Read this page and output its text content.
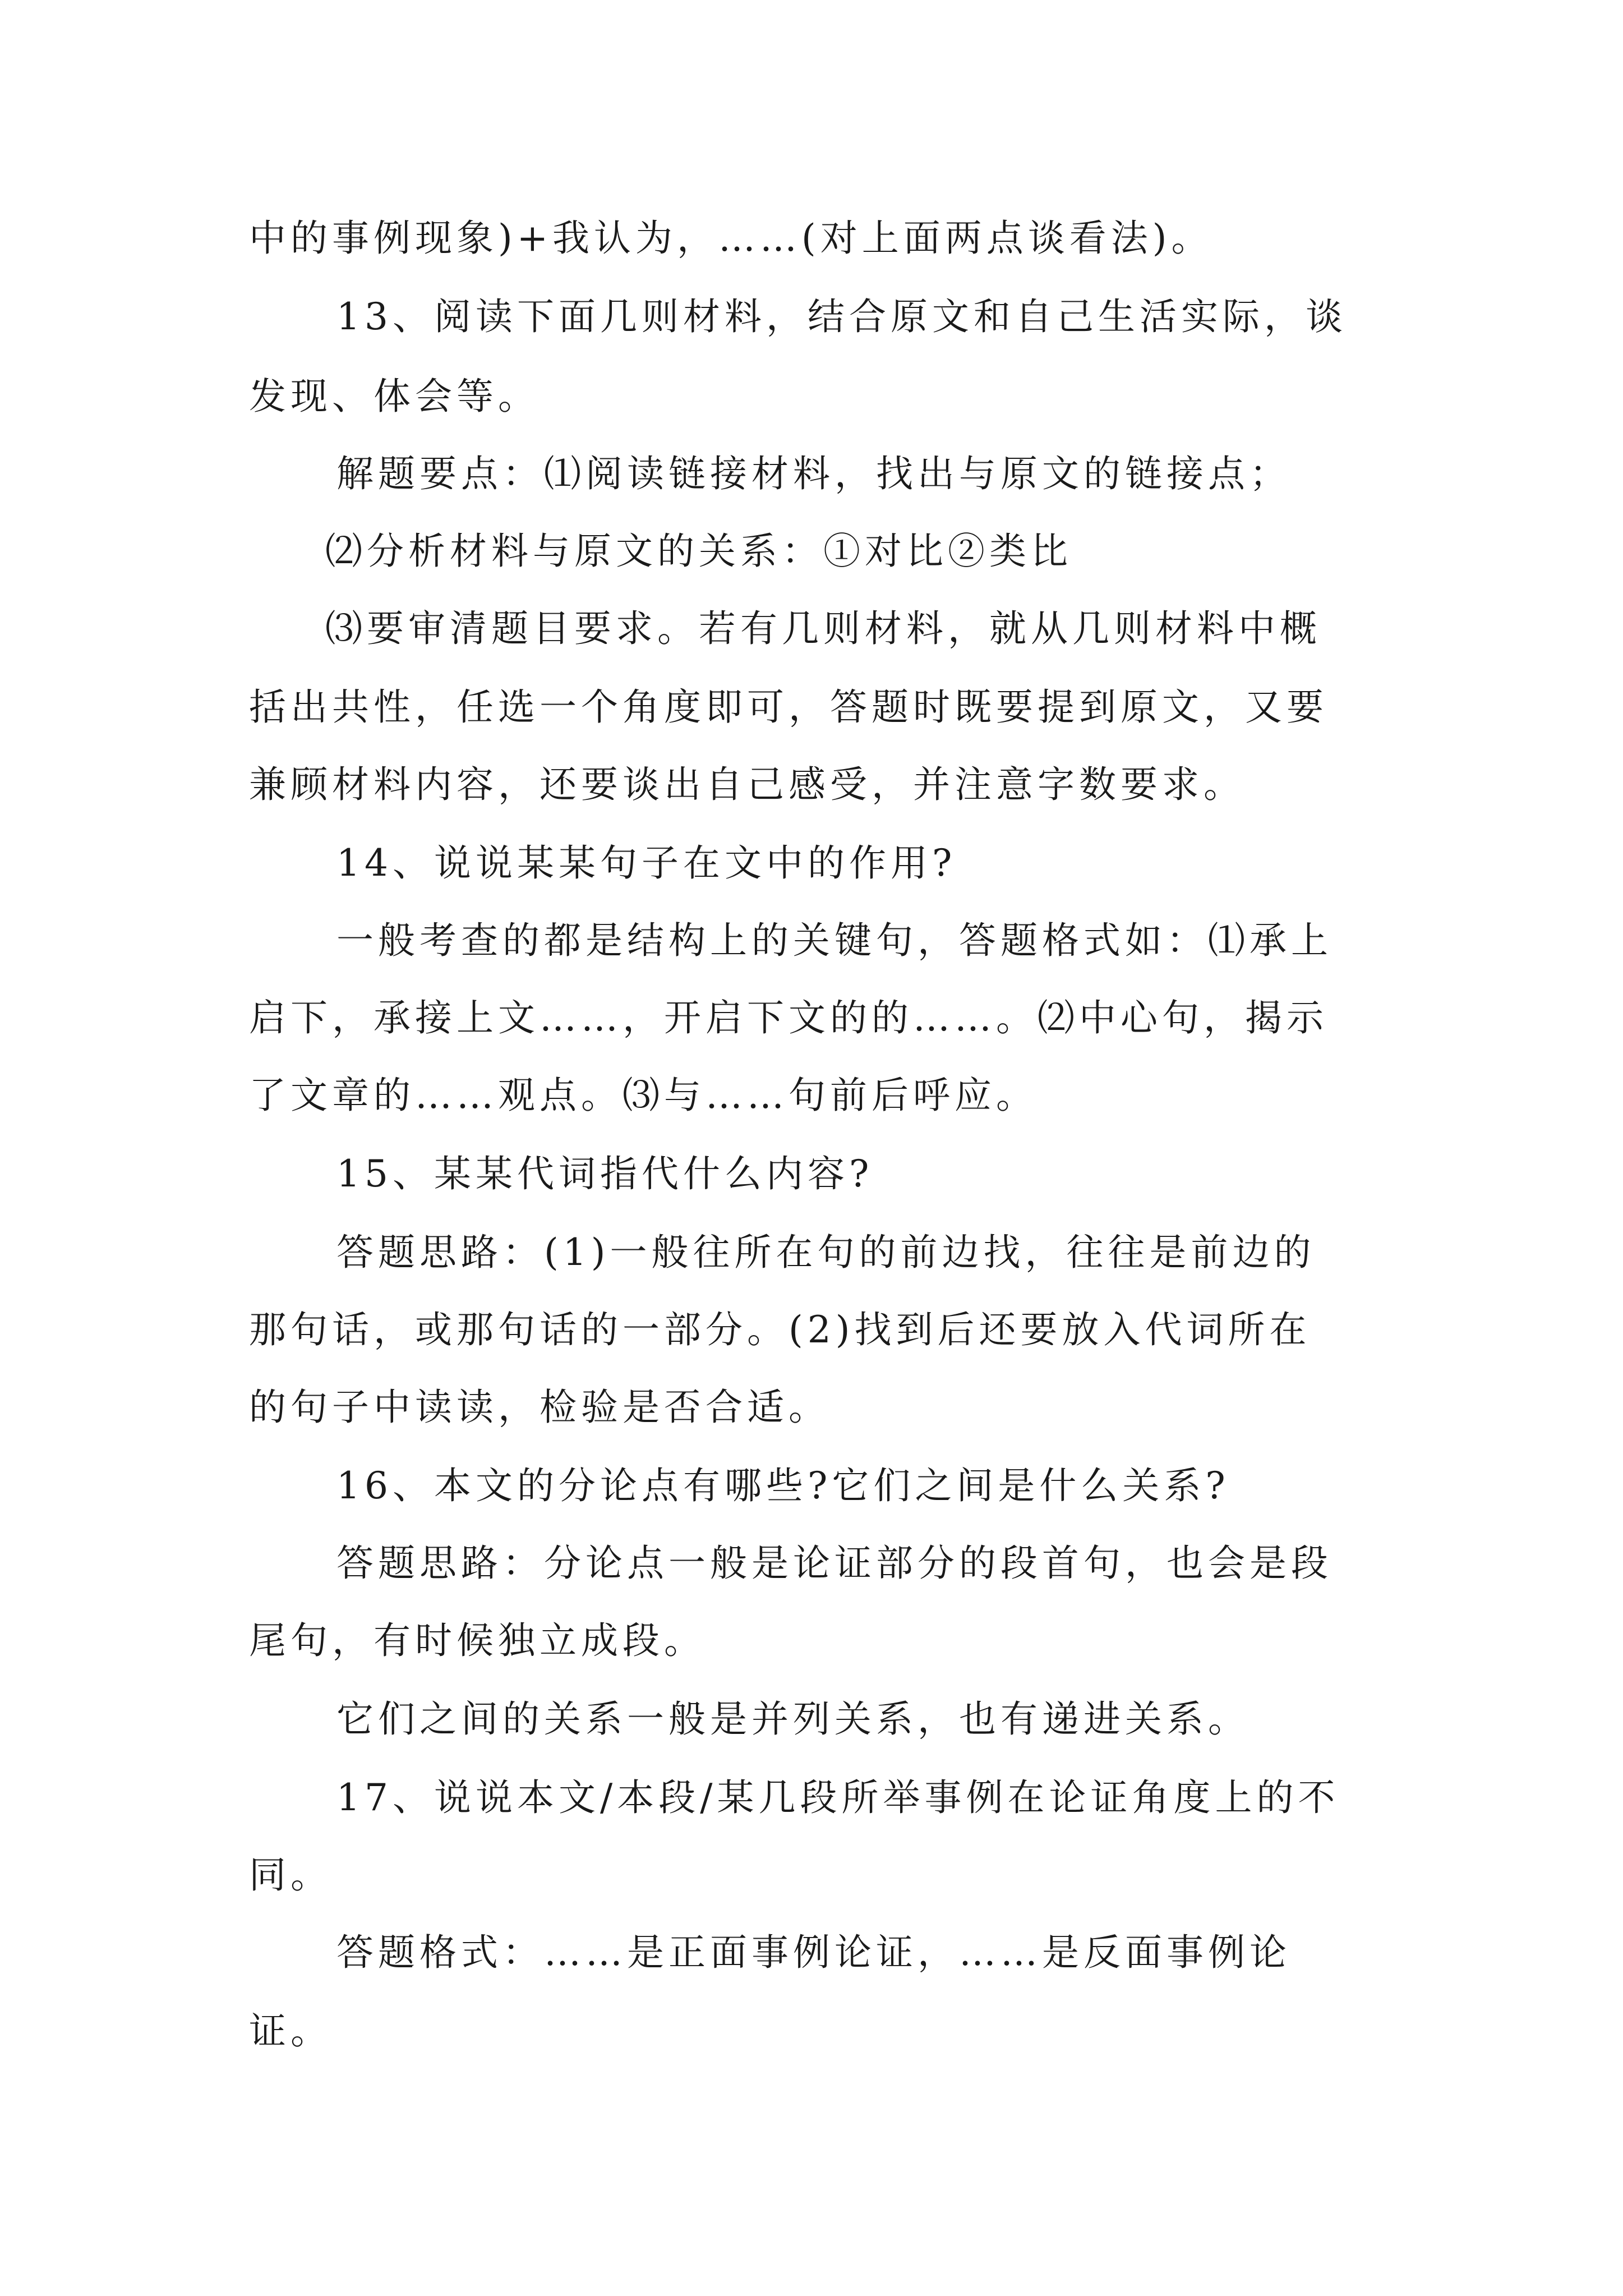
中的事例现象)+我认为，……(对上面两点谈看法)。
13、阅读下面几则材料，结合原文和自己生活实际，谈
发现、体会等。
解题要点：⑴阅读链接材料，找出与原文的链接点；
⑵分析材料与原文的关系：①对比②类比
⑶要审清题目要求。若有几则材料，就从几则材料中概
括出共性，任选一个角度即可，答题时既要提到原文，又要
兼顾材料内容，还要谈出自己感受，并注意字数要求。
14、说说某某句子在文中的作用?
一般考查的都是结构上的关键句，答题格式如：⑴承上
启下，承接上文……，开启下文的的……。⑵中心句，揭示
了文章的……观点。⑶与……句前后呼应。
15、某某代词指代什么内容?
答题思路：(1)一般往所在句的前边找，往往是前边的
那句话，或那句话的一部分。(2)找到后还要放入代词所在
的句子中读读，检验是否合适。
16、本文的分论点有哪些?它们之间是什么关系?
答题思路：分论点一般是论证部分的段首句，也会是段
尾句，有时候独立成段。
它们之间的关系一般是并列关系，也有递进关系。
17、说说本文/本段/某几段所举事例在论证角度上的不
同。
答题格式：……是正面事例论证，……是反面事例论
证。
